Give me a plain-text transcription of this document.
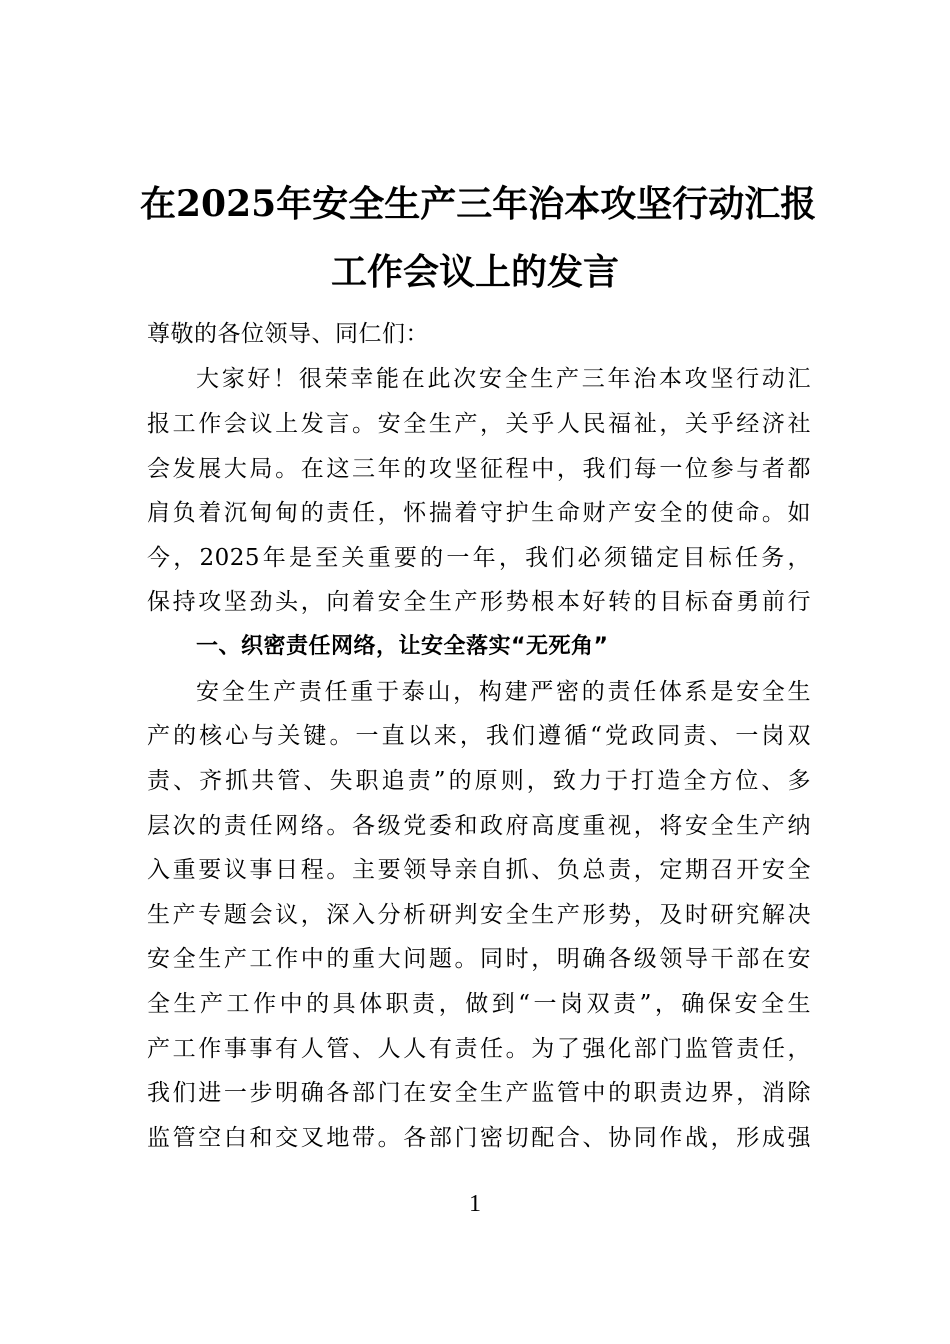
在2025年安全生产三年治本攻坚行动汇报
工作会议上的发言
尊敬的各位领导、同仁们：
大家好！很荣幸能在此次安全生产三年治本攻坚行动汇
报工作会议上发言。安全生产，关乎人民福祉，关乎经济社
会发展大局。在这三年的攻坚征程中，我们每一位参与者都
肩负着沉甸甸的责任，怀揣着守护生命财产安全的使命。如
今，2025年是至关重要的一年，我们必须锚定目标任务，
保持攻坚劲头，向着安全生产形势根本好转的目标奋勇前行
一、织密责任网络，让安全落实“无死角”
安全生产责任重于泰山，构建严密的责任体系是安全生
产的核心与关键。一直以来，我们遵循“党政同责、一岗双
责、齐抓共管、失职追责”的原则，致力于打造全方位、多
层次的责任网络。各级党委和政府高度重视，将安全生产纳
入重要议事日程。主要领导亲自抓、负总责，定期召开安全
生产专题会议，深入分析研判安全生产形势，及时研究解决
安全生产工作中的重大问题。同时，明确各级领导干部在安
全生产工作中的具体职责，做到“一岗双责”，确保安全生
产工作事事有人管、人人有责任。为了强化部门监管责任，
我们进一步明确各部门在安全生产监管中的职责边界，消除
监管空白和交叉地带。各部门密切配合、协同作战，形成强
1
